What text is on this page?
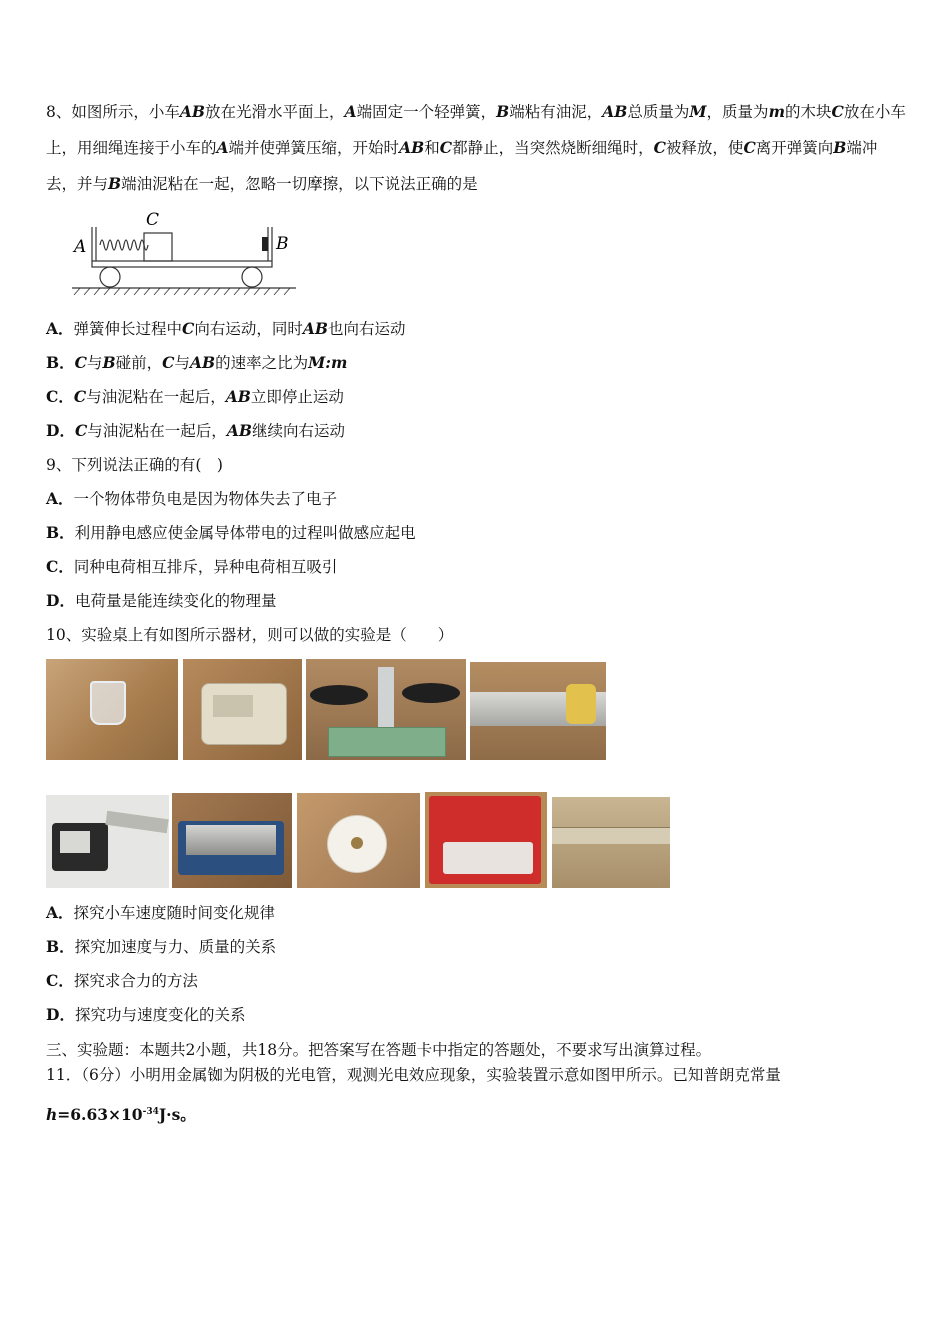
8、如图所示，小车AB放在光滑水平面上，A端固定一个轻弹簧，B端粘有油泥，AB总质量为M，质量为m的木块C放在小车上，用细绳连接于小车的A端并使弹簧压缩，开始时AB和C都静止，当突然烧断细绳时，C被释放，使C离开弹簧向B端冲去，并与B端油泥粘在一起，忽略一切摩擦，以下说法正确的是
C
A	B
A．弹簧伸长过程中C向右运动，同时AB也向右运动
B．C与B碰前，C与AB的速率之比为M:m
C．C与油泥粘在一起后，AB立即停止运动
D．C与油泥粘在一起后，AB继续向右运动
9、下列说法正确的有(　)
A．一个物体带负电是因为物体失去了电子
B．利用静电感应使金属导体带电的过程叫做感应起电
C．同种电荷相互排斥，异种电荷相互吸引
D．电荷量是能连续变化的物理量
10、实验桌上有如图所示器材，则可以做的实验是（　　）
A．探究小车速度随时间变化规律
B．探究加速度与力、质量的关系
C．探究求合力的方法
D．探究功与速度变化的关系
三、实验题：本题共2小题，共18分。把答案写在答题卡中指定的答题处，不要求写出演算过程。
11．（6分）小明用金属铷为阴极的光电管，观测光电效应现象，实验装置示意如图甲所示。已知普朗克常量
$h=6.63\times 10^{-34}J\cdot s$。
